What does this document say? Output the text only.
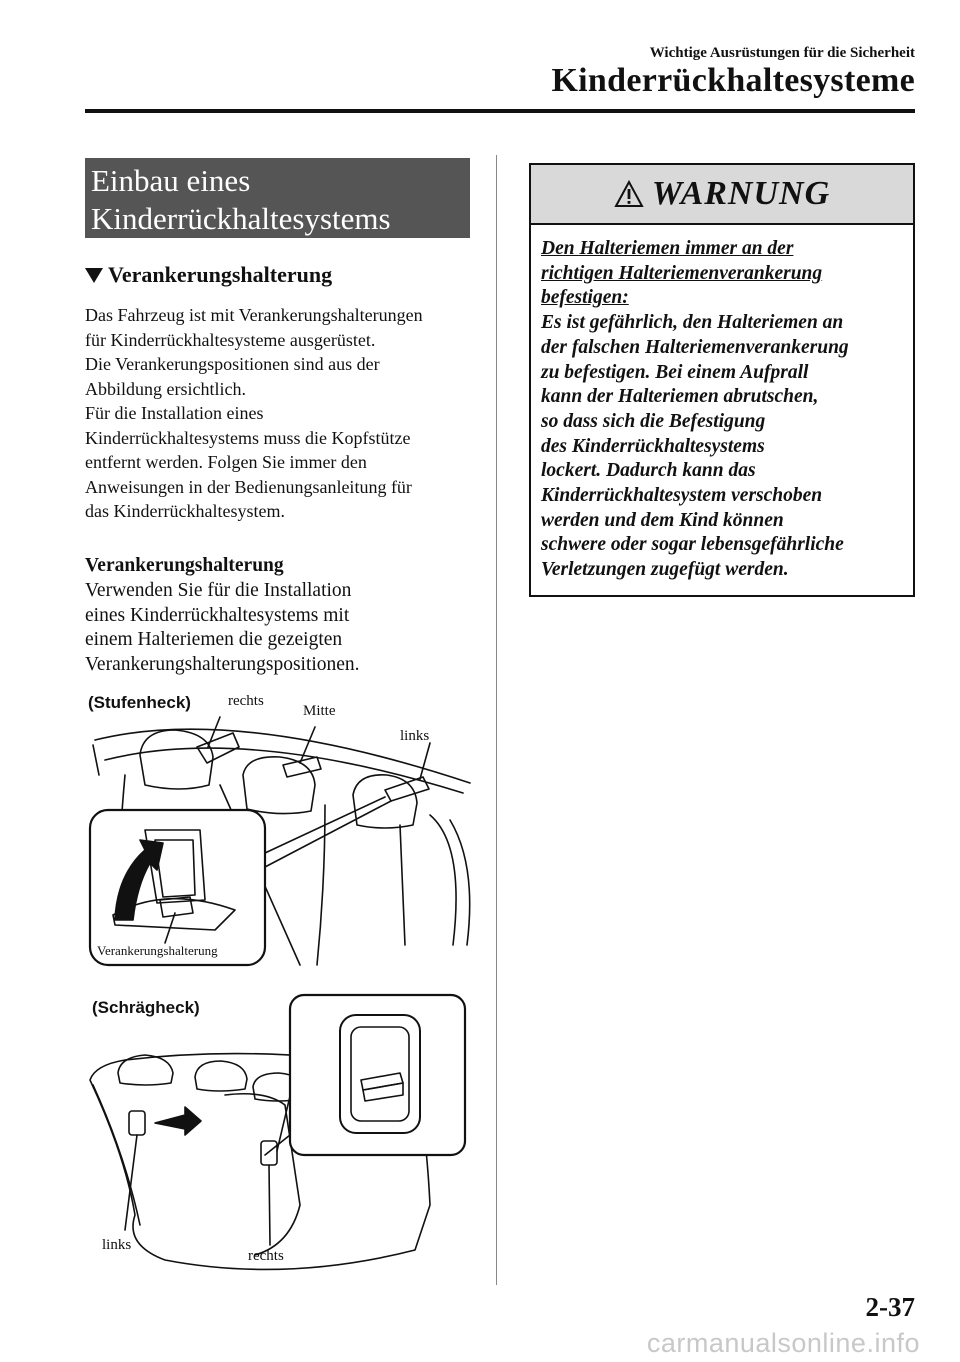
Wichtige Ausrüstungen für die Sicherheit
Kinderrückhaltesysteme
Einbau eines
Kinderrückhaltesystems
Verankerungshalterung

Das Fahrzeug ist mit Verankerungshalterungen
für Kinderrückhaltesysteme ausgerüstet.

Die Verankerungspositionen sind aus der
Abbildung ersichtlich.

Für die Installation eines
Kinderrückhaltesystems muss die Kopfstütze
entfernt werden. Folgen Sie immer den
Anweisungen in der Bedienungsanleitung für
das Kinderrückhaltesystem.

Verankerungshalterung
Verwenden Sie für die Installation
eines Kinderrückhaltesystems mit
einem Halteriemen die gezeigten
Verankerungshalterungspositionen.
(Stufenheck) rechts
Mitte
links
Verankerungshalterung
(Schrägheck)
links
rechts
WARNUNG
Den Halteriemen immer an der
richtigen Halteriemenverankerung
befestigen:
Es ist gefährlich, den Halteriemen an
der falschen Halteriemenverankerung
zu befestigen. Bei einem Aufprall
kann der Halteriemen abrutschen,
so dass sich die Befestigung
des Kinderrückhaltesystems
lockert. Dadurch kann das
Kinderrückhaltesystem verschoben
werden und dem Kind können
schwere oder sogar lebensgefährliche
Verletzungen zugefügt werden.
2-37
carmanualsonline.info
